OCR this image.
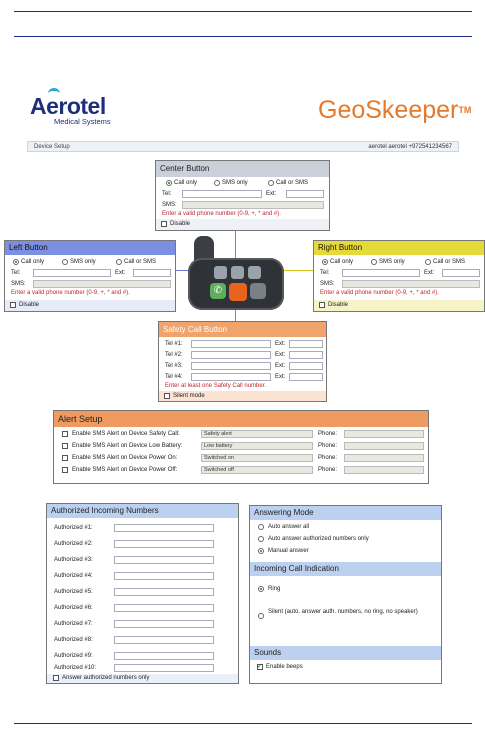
Aerotel
Medical Systems	GeoSkeeper™
Device Setup	aerotel aerotel +972541234567
✆
Center Button
Call only	SMS only	Call or SMS
Tel:	Ext:
SMS:
Enter a valid phone number (0-9, +, * and #).
Disable
Left Button
Call only	SMS only	Call or SMS
Tel:	Ext:
SMS:
Enter a valid phone number (0-9, +, * and #).
Disable
Right Button
Call only	SMS only	Call or SMS
Tel:	Ext:
SMS:
Enter a valid phone number (0-9, +, * and #).
Disable
Safety Call Button
Tel #1:	Ext:
Tel #2:	Ext:
Tel #3:	Ext:
Tel #4:	Ext:
Enter at least one Safety Call number.
Silent mode
Alert Setup
Enable SMS Alert on Device Safety Call:	Safety alert	Phone:
Enable SMS Alert on Device Low Battery:	Low battery	Phone:
Enable SMS Alert on Device Power On:	Switched on	Phone:
Enable SMS Alert on Device Power Off:	Switched off	Phone:
Authorized Incoming Numbers
Authorized #1:
Authorized #2:
Authorized #3:
Authorized #4:
Authorized #5:
Authorized #6:
Authorized #7:
Authorized #8:
Authorized #9:
Authorized #10:
Answer authorized numbers only
Answering Mode
Auto answer all
Auto answer authorized numbers only
Manual answer
Incoming Call Indication
Ring
Silent (auto. answer auth. numbers, no ring, no speaker)
Sounds
✓
Enable beeps
